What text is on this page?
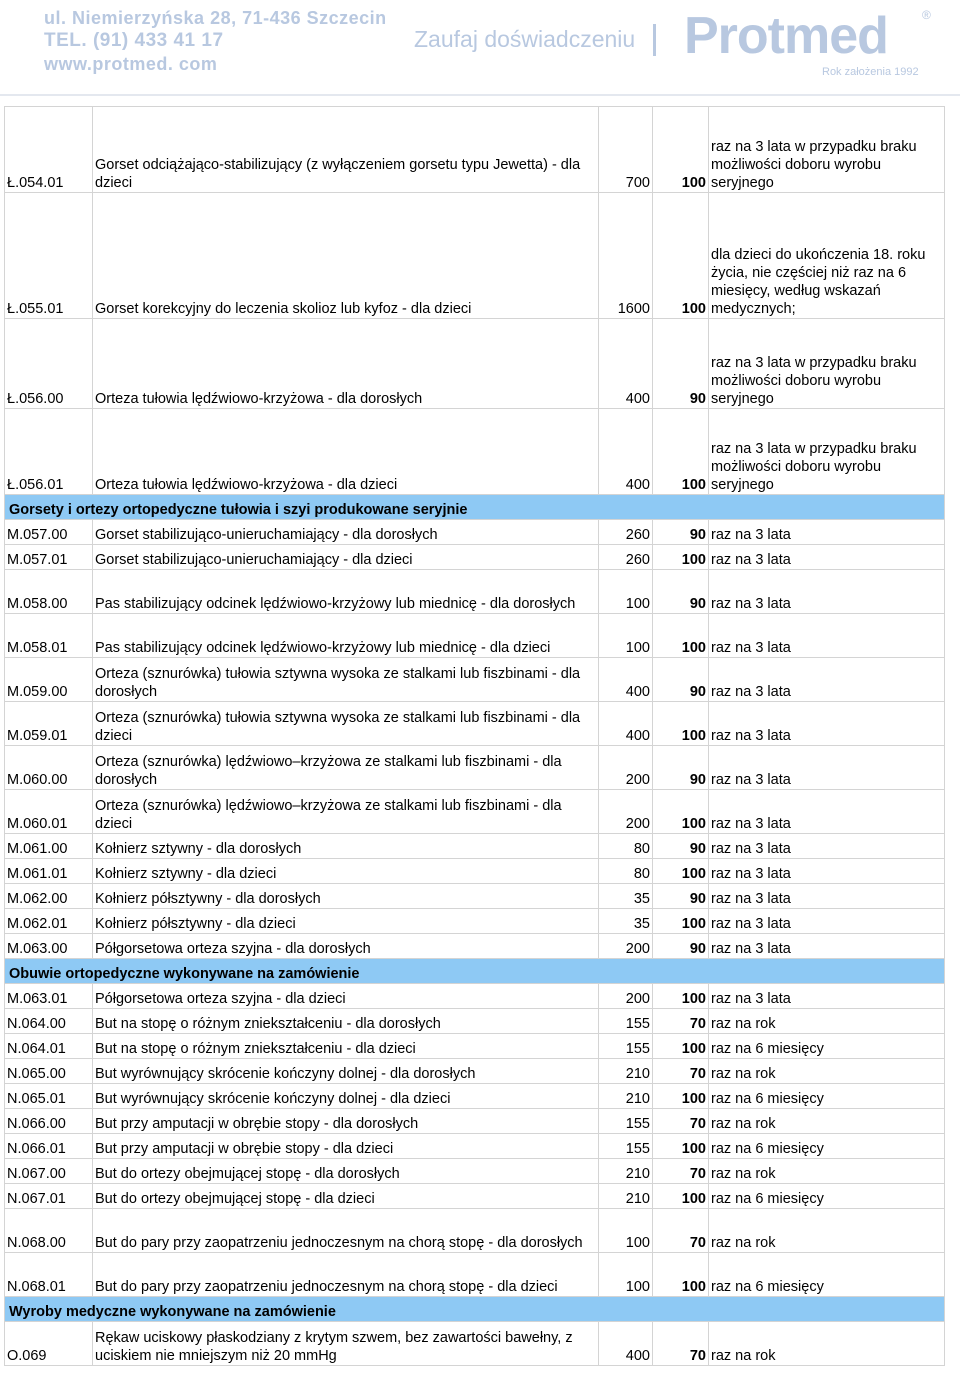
ul. Niemierzyńska 28, 71-436 Szczecin
TEL. (91) 433 41 17
www.protmed. com
Zaufaj doświadczeniu Protmed	®
Rok założenia 1992
Ł.054.01	Gorset odciążająco-stabilizujący (z wyłączeniem gorsetu typu Jewetta) - dla dzieci	700	100	raz na 3 lata w przypadku braku możliwości doboru wyrobu seryjnego
Ł.055.01	Gorset korekcyjny do leczenia skolioz lub kyfoz - dla dzieci	1600	100	dla dzieci do ukończenia 18. roku życia, nie częściej niż raz na 6 miesięcy, według wskazań medycznych;
Ł.056.00	Orteza tułowia lędźwiowo-krzyżowa - dla dorosłych	400	90	raz na 3 lata w przypadku braku możliwości doboru wyrobu seryjnego
Ł.056.01	Orteza tułowia lędźwiowo-krzyżowa - dla dzieci	400	100	raz na 3 lata w przypadku braku możliwości doboru wyrobu seryjnego
Gorsety i ortezy ortopedyczne tułowia i szyi produkowane seryjnie				
M.057.00	Gorset stabilizująco-unieruchamiający - dla dorosłych	260	90	raz na 3 lata
M.057.01	Gorset stabilizująco-unieruchamiający - dla dzieci	260	100	raz na 3 lata
M.058.00	Pas stabilizujący odcinek lędźwiowo-krzyżowy lub miednicę - dla dorosłych	100	90	raz na 3 lata
M.058.01	Pas stabilizujący odcinek lędźwiowo-krzyżowy lub miednicę - dla dzieci	100	100	raz na 3 lata
M.059.00	Orteza (sznurówka) tułowia sztywna wysoka ze stalkami lub fiszbinami - dla dorosłych	400	90	raz na 3 lata
M.059.01	Orteza (sznurówka) tułowia sztywna wysoka ze stalkami lub fiszbinami - dla dzieci	400	100	raz na 3 lata
M.060.00	Orteza (sznurówka) lędźwiowo–krzyżowa ze stalkami lub fiszbinami - dla dorosłych	200	90	raz na 3 lata
M.060.01	Orteza (sznurówka) lędźwiowo–krzyżowa ze stalkami lub fiszbinami - dla dzieci	200	100	raz na 3 lata
M.061.00	Kołnierz sztywny - dla dorosłych	80	90	raz na 3 lata
M.061.01	Kołnierz sztywny - dla dzieci	80	100	raz na 3 lata
M.062.00	Kołnierz półsztywny - dla dorosłych	35	90	raz na 3 lata
M.062.01	Kołnierz półsztywny - dla dzieci	35	100	raz na 3 lata
M.063.00	Półgorsetowa orteza szyjna - dla dorosłych	200	90	raz na 3 lata
Obuwie ortopedyczne wykonywane na zamówienie				
M.063.01	Półgorsetowa orteza szyjna - dla dzieci	200	100	raz na 3 lata
N.064.00	But na stopę o różnym zniekształceniu - dla dorosłych	155	70	raz na rok
N.064.01	But na stopę o różnym zniekształceniu - dla dzieci	155	100	raz na 6 miesięcy
N.065.00	But wyrównujący skrócenie kończyny dolnej - dla dorosłych	210	70	raz na rok
N.065.01	But wyrównujący skrócenie kończyny dolnej - dla dzieci	210	100	raz na 6 miesięcy
N.066.00	But przy amputacji w obrębie stopy - dla dorosłych	155	70	raz na rok
N.066.01	But przy amputacji w obrębie stopy - dla dzieci	155	100	raz na 6 miesięcy
N.067.00	But do ortezy obejmującej stopę - dla dorosłych	210	70	raz na rok
N.067.01	But do ortezy obejmującej stopę - dla dzieci	210	100	raz na 6 miesięcy
N.068.00	But do pary przy zaopatrzeniu jednoczesnym na chorą stopę - dla dorosłych	100	70	raz na rok
N.068.01	But do pary przy zaopatrzeniu jednoczesnym na chorą stopę - dla dzieci	100	100	raz na 6 miesięcy
Wyroby medyczne wykonywane na zamówienie				
O.069	Rękaw uciskowy płaskodziany z krytym szwem, bez zawartości bawełny, z uciskiem nie mniejszym niż 20 mmHg	400	70	raz na rok
